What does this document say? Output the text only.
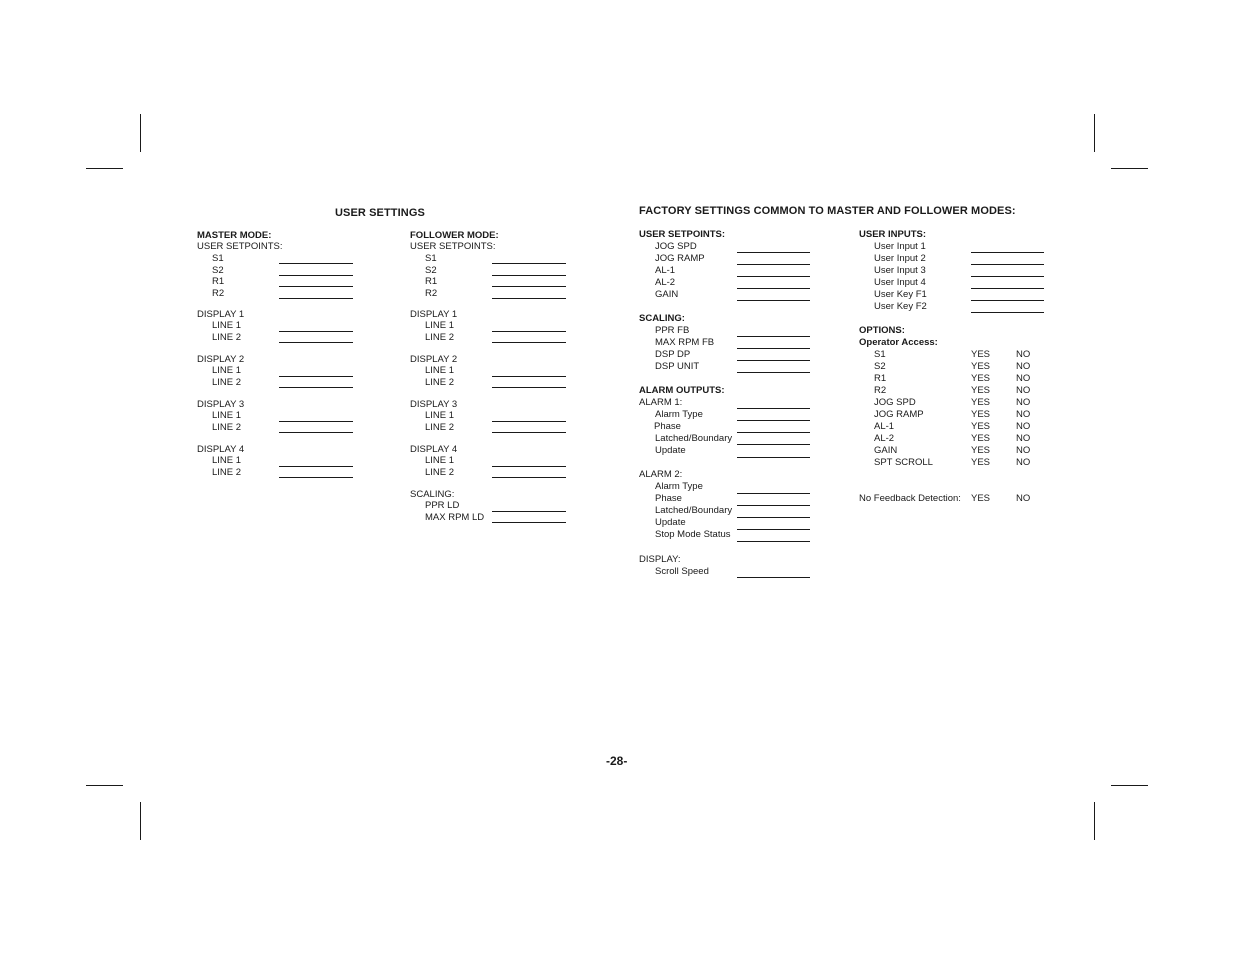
USER SETTINGS	FACTORY SETTINGS COMMON TO MASTER AND FOLLOWER MODES:
MASTER MODE:
USER SETPOINTS:
S1
S2
R1
R2
DISPLAY 1
LINE 1
LINE 2
DISPLAY 2
LINE 1
LINE 2
DISPLAY 3
LINE 1
LINE 2
DISPLAY 4
LINE 1
LINE 2
FOLLOWER MODE:
USER SETPOINTS:
S1
S2
R1
R2
DISPLAY 1
LINE 1
LINE 2
DISPLAY 2
LINE 1
LINE 2
DISPLAY 3
LINE 1
LINE 2
DISPLAY 4
LINE 1
LINE 2
SCALING:
PPR LD
MAX RPM LD
USER SETPOINTS:
JOG SPD
JOG RAMP
AL-1
AL-2
GAIN
SCALING:
PPR FB
MAX RPM FB
DSP DP
DSP UNIT
ALARM OUTPUTS:
ALARM 1:
Alarm Type
Phase
Latched/Boundary
Update
ALARM 2:
Alarm Type
Phase
Latched/Boundary
Update
Stop Mode Status
DISPLAY:
Scroll Speed
USER INPUTS:
User Input 1
User Input 2
User Input 3
User Input 4
User Key F1
User Key F2
OPTIONS:
Operator Access:
S1	YES	NO
S2	YES	NO
R1	YES	NO
R2	YES	NO
JOG SPD	YES	NO
JOG RAMP	YES	NO
AL-1	YES	NO
AL-2	YES	NO
GAIN	YES	NO
SPT SCROLL	YES	NO
No Feedback Detection: YES	NO
-28-
